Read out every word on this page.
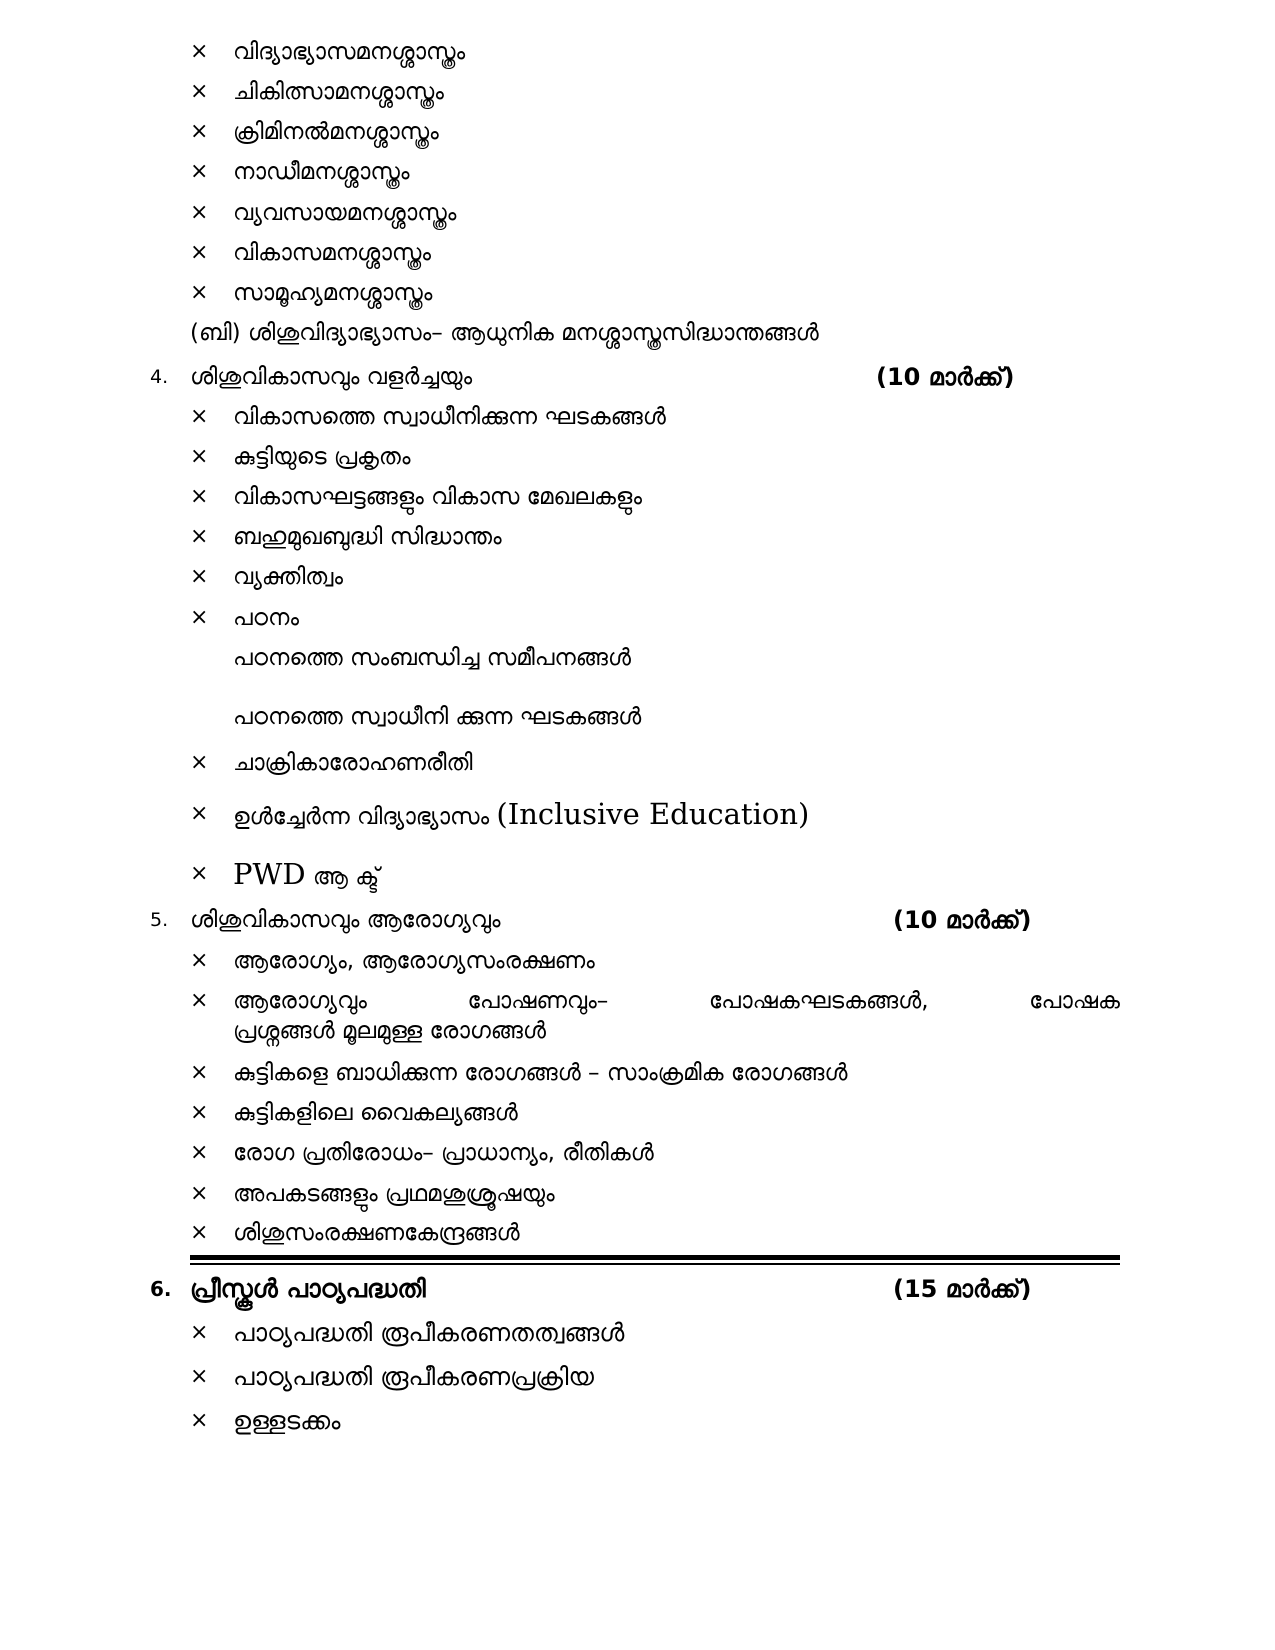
× വിദ്യാഭ്യാസമനശ്ശാസ്ത്രം
× ചികിത്സാമനശ്ശാസ്ത്രം
× ക്രിമിനൽമനശ്ശാസ്ത്രം
× നാഡീമനശ്ശാസ്ത്രം
× വ്യവസായമനശ്ശാസ്ത്രം
× വികാസമനശ്ശാസ്ത്രം
× സാമൂഹ്യമനശ്ശാസ്ത്രം
(ബി) ശിശുവിദ്യാഭ്യാസം– ആധുനിക മനശ്ശാസ്ത്രസിദ്ധാന്തങ്ങൾ
4. ശിശുവികാസവും വളർച്ചയും	(10 മാർക്ക്)
× വികാസത്തെ സ്വാധീനിക്കുന്ന ഘടകങ്ങൾ
× കുട്ടിയുടെ പ്രകൃതം
× വികാസഘട്ടങ്ങളും വികാസ മേഖലകളും
× ബഹുമുഖബുദ്ധി സിദ്ധാന്തം
× വ്യക്തിത്വം
× പഠനം
പഠനത്തെ സംബന്ധിച്ച സമീപനങ്ങൾ
പഠനത്തെ സ്വാധീനി ക്കുന്ന ഘടകങ്ങൾ
× ചാക്രികാരോഹണരീതി
× ഉൾച്ചേർന്ന വിദ്യാഭ്യാസം (Inclusive Education)
× PWD ആ ക്ട്
5. ശിശുവികാസവും ആരോഗ്യവും	(10 മാർക്ക്)
× ആരോഗ്യം, ആരോഗ്യസംരക്ഷണം
× ആരോഗ്യവും	പോഷണവും–	പോഷകഘടകങ്ങൾ,	പോഷക
പ്രശ്നങ്ങൾ മൂലമുള്ള രോഗങ്ങൾ
× കുട്ടികളെ ബാധിക്കുന്ന രോഗങ്ങൾ – സാംക്രമിക രോഗങ്ങൾ
× കുട്ടികളിലെ വൈകല്യങ്ങൾ
× രോഗ പ്രതിരോധം– പ്രാധാന്യം, രീതികൾ
× അപകടങ്ങളും പ്രഥമശുശ്രൂഷയും
× ശിശുസംരക്ഷണകേന്ദ്രങ്ങൾ
6. പ്രീസ്കൂൾ പാഠ്യപദ്ധതി	(15 മാർക്ക്)
× പാഠ്യപദ്ധതി രൂപീകരണതത്വങ്ങൾ
× പാഠ്യപദ്ധതി രൂപീകരണപ്രക്രിയ
× ഉള്ളടക്കം
